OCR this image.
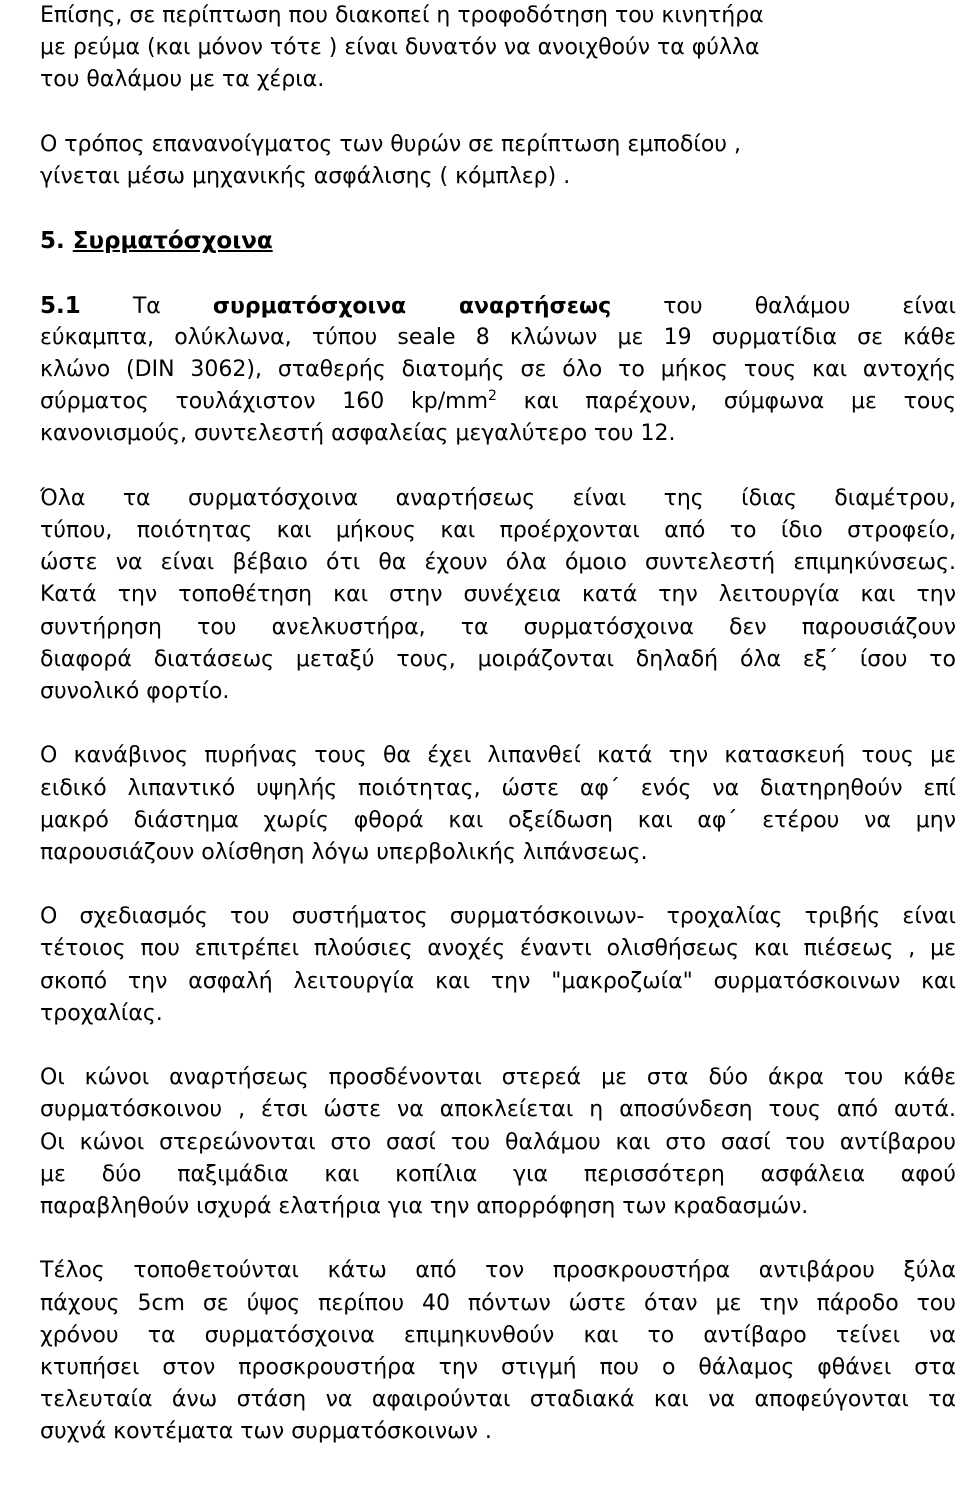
Επίσης, σε περίπτωση που διακοπεί η τροφοδότηση του κινητήρα
με ρεύμα (και μόνον τότε ) είναι δυνατόν να ανοιχθούν τα φύλλα
του θαλάμου με τα χέρια.
Ο τρόπος επανανοίγματος των θυρών σε περίπτωση εμποδίου ,
γίνεται μέσω μηχανικής ασφάλισης ( κόμπλερ) .
5. Συρματόσχοινα
5.1 Τα συρματόσχοινα αναρτήσεως του θαλάμου είναι
εύκαμπτα, ολύκλωνα, τύπου seale 8 κλώνων με 19 συρματίδια σε κάθε
κλώνο (DIN 3062), σταθερής διατομής σε όλο το μήκος τους και αντοχής
σύρματος τουλάχιστον 160 $kp/mm^2$ και παρέχουν, σύμφωνα με τους
κανονισμούς, συντελεστή ασφαλείας μεγαλύτερο του 12.
Όλα τα συρματόσχοινα αναρτήσεως είναι της ίδιας διαμέτρου,
τύπου, ποιότητας και μήκους και προέρχονται από το ίδιο στροφείο,
ώστε να είναι βέβαιο ότι θα έχουν όλα όμοιο συντελεστή επιμηκύνσεως.
Κατά την τοποθέτηση και στην συνέχεια κατά την λειτουργία και την
συντήρηση του ανελκυστήρα, τα συρματόσχοινα δεν παρουσιάζουν
διαφορά διατάσεως μεταξύ τους, μοιράζονται δηλαδή όλα εξ΄ ίσου το
συνολικό φορτίο.
Ο κανάβινος πυρήνας τους θα έχει λιπανθεί κατά την κατασκευή τους με
ειδικό λιπαντικό υψηλής ποιότητας, ώστε αφ΄ ενός να διατηρηθούν επί
μακρό διάστημα χωρίς φθορά και οξείδωση και αφ΄ ετέρου να μην
παρουσιάζουν ολίσθηση λόγω υπερβολικής λιπάνσεως.
Ο σχεδιασμός του συστήματος συρματόσκοινων- τροχαλίας τριβής είναι
τέτοιος που επιτρέπει πλούσιες ανοχές έναντι ολισθήσεως και πιέσεως , με
σκοπό την ασφαλή λειτουργία και την "μακροζωία" συρματόσκοινων και
τροχαλίας.
Οι κώνοι αναρτήσεως προσδένονται στερεά με στα δύο άκρα του κάθε
συρματόσκοινου , έτσι ώστε να αποκλείεται η αποσύνδεση τους από αυτά.
Οι κώνοι στερεώνονται στο σασί του θαλάμου και στο σασί του αντίβαρου
με δύο παξιμάδια και κοπίλια για περισσότερη ασφάλεια αφού
παραβληθούν ισχυρά ελατήρια για την απορρόφηση των κραδασμών.
Τέλος τοποθετούνται κάτω από τον προσκρουστήρα αντιβάρου ξύλα
πάχους 5cm σε ύψος περίπου 40 πόντων ώστε όταν με την πάροδο του
χρόνου τα συρματόσχοινα επιμηκυνθούν και το αντίβαρο τείνει να
κτυπήσει στον προσκρουστήρα την στιγμή που ο θάλαμος φθάνει στα
τελευταία άνω στάση να αφαιρούνται σταδιακά και να αποφεύγονται τα
συχνά κοντέματα των συρματόσκοινων .
